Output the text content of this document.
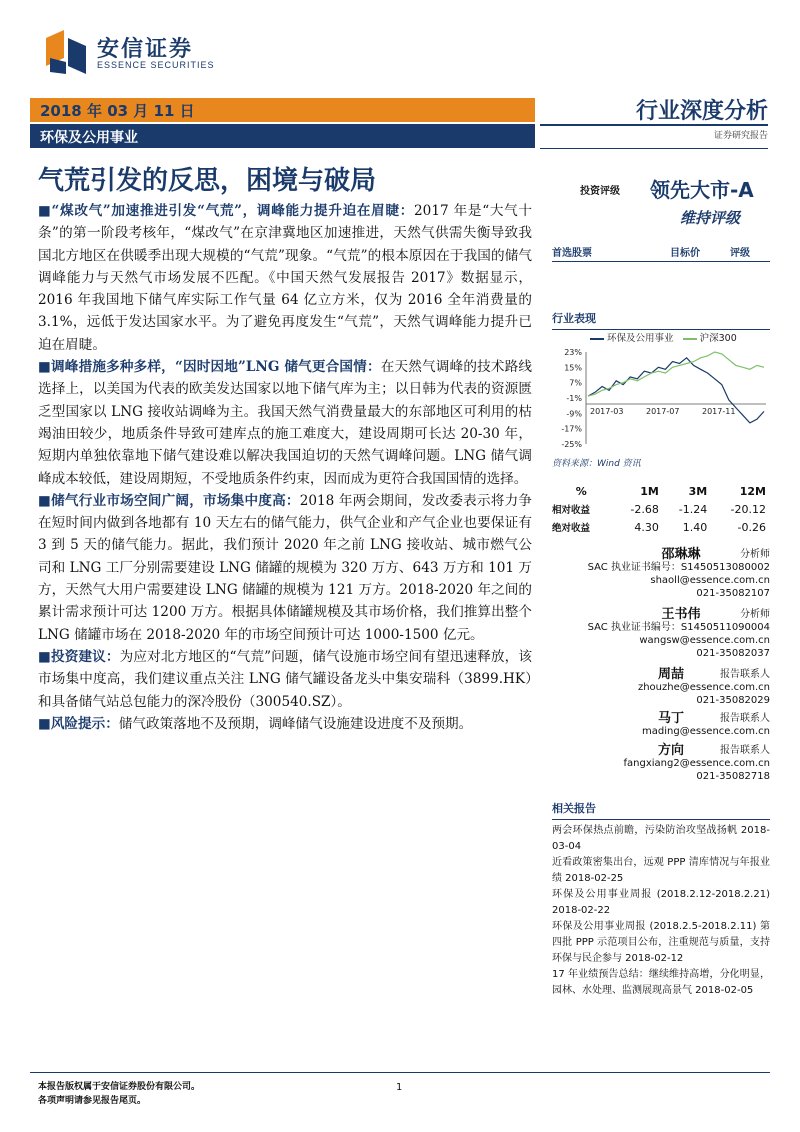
安信证券
ESSENCE SECURITIES
2018 年 03 月 11 日
环保及公用事业
行业深度分析
证券研究报告
气荒引发的反思，困境与破局

■“煤改气”加速推进引发“气荒”，调峰能力提升迫在眉睫：2017 年是“大气十条”的第一阶段考核年，“煤改气”在京津冀地区加速推进，天然气供需失衡导致我国北方地区在供暖季出现大规模的“气荒”现象。“气荒”的根本原因在于我国的储气调峰能力与天然气市场发展不匹配。《中国天然气发展报告 2017》数据显示，2016 年我国地下储气库实际工作气量 64 亿立方米，仅为 2016 全年消费量的 3.1%，远低于发达国家水平。为了避免再度发生“气荒”，天然气调峰能力提升已迫在眉睫。

■调峰措施多种多样，“因时因地”LNG 储气更合国情：在天然气调峰的技术路线选择上，以美国为代表的欧美发达国家以地下储气库为主；以日韩为代表的资源匮乏型国家以 LNG 接收站调峰为主。我国天然气消费量最大的东部地区可利用的枯竭油田较少，地质条件导致可建库点的施工难度大，建设周期可长达 20-30 年，短期内单独依靠地下储气建设难以解决我国迫切的天然气调峰问题。LNG 储气调峰成本较低，建设周期短，不受地质条件约束，因而成为更符合我国国情的选择。

■储气行业市场空间广阔，市场集中度高：2018 年两会期间，发改委表示将力争在短时间内做到各地都有 10 天左右的储气能力，供气企业和产气企业也要保证有 3 到 5 天的储气能力。据此，我们预计 2020 年之前 LNG 接收站、城市燃气公司和 LNG 工厂分别需要建设 LNG 储罐的规模为 320 万方、643 万方和 101 万方，天然气大用户需要建设 LNG 储罐的规模为 121 万方。2018-2020 年之间的累计需求预计可达 1200 万方。根据具体储罐规模及其市场价格，我们推算出整个 LNG 储罐市场在 2018-2020 年的市场空间预计可达 1000-1500 亿元。

■投资建议：为应对北方地区的“气荒”问题，储气设施市场空间有望迅速释放，该市场集中度高，我们建议重点关注 LNG 储气罐设备龙头中集安瑞科（3899.HK）和具备储气站总包能力的深冷股份（300540.SZ）。

■风险提示：储气政策落地不及预期，调峰储气设施建设进度不及预期。

投资评级 领先大市-A
维持评级
首选股票	目标价	评级
行业表现
环保及公用事业	沪深300
23%
15%
7%
-1%
-9%
-17%
-25%
2017-03	2017-07	2017-11
资料来源：Wind 资讯
%	1M	3M	12M
相对收益	-2.68	-1.24	-20.12
绝对收益	4.30	1.40	-0.26
邵琳琳	分析师
SAC 执业证书编号：S1450513080002
shaoll@essence.com.cn
021-35082107
王书伟	分析师
SAC 执业证书编号：S1450511090004
wangsw@essence.com.cn
021-35082037
周喆	报告联系人
zhouzhe@essence.com.cn
021-35082029
马丁	报告联系人
mading@essence.com.cn
方向	报告联系人
fangxiang2@essence.com.cn
021-35082718
相关报告
两会环保热点前瞻，污染防治攻坚战扬帆 2018-03-04
近看政策密集出台，远观 PPP 清库情况与年报业绩 2018-02-25
环保及公用事业周报 (2018.2.12-2018.2.21) 2018-02-22
环保及公用事业周报 (2018.2.5-2018.2.11) 第四批 PPP 示范项目公布，注重规范与质量，支持环保与民企参与 2018-02-12
17 年业绩预告总结：继续维持高增，分化明显，园林、水处理、监测展现高景气 2018-02-05
本报告版权属于安信证券股份有限公司。
各项声明请参见报告尾页。
1
